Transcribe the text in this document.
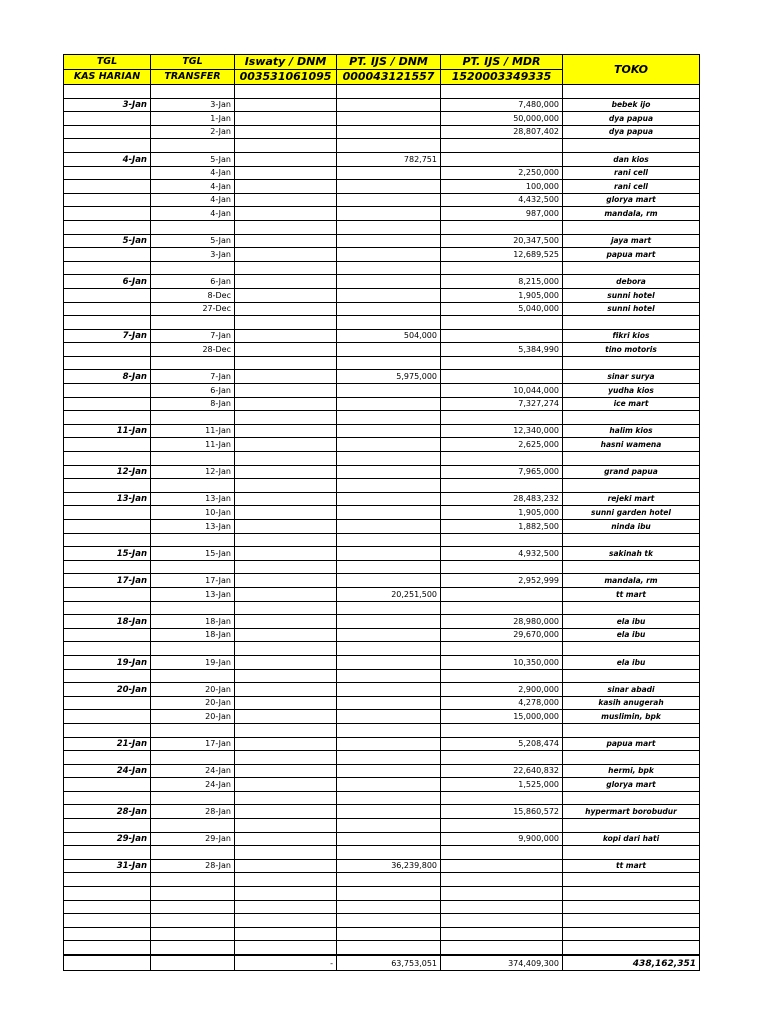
TGL	TGL	Iswaty / DNM	PT. IJS / DNM	PT. IJS / MDR	TOKO
KAS HARIAN	TRANSFER	003531061095	000043121557	1520003349335	

3-Jan	3-Jan			7,480,000	bebek ijo
	1-Jan			50,000,000	dya papua
	2-Jan			28,807,402	dya papua

4-Jan	5-Jan		782,751		dan kios
	4-Jan			2,250,000	rani cell
	4-Jan			100,000	rani cell
	4-Jan			4,432,500	glorya mart
	4-Jan			987,000	mandala, rm

5-Jan	5-Jan			20,347,500	jaya mart
	3-Jan			12,689,525	papua mart

6-Jan	6-Jan			8,215,000	debora
	8-Dec			1,905,000	sunni hotel
	27-Dec			5,040,000	sunni hotel

7-Jan	7-Jan		504,000		fikri kios
	28-Dec			5,384,990	tino motoris

8-Jan	7-Jan		5,975,000		sinar surya
	6-Jan			10,044,000	yudha kios
	8-Jan			7,327,274	ice mart

11-Jan	11-Jan			12,340,000	halim kios
	11-Jan			2,625,000	hasni wamena

12-Jan	12-Jan			7,965,000	grand papua

13-Jan	13-Jan			28,483,232	rejeki mart
	10-Jan			1,905,000	sunni garden hotel
	13-Jan			1,882,500	ninda ibu

15-Jan	15-Jan			4,932,500	sakinah tk

17-Jan	17-Jan			2,952,999	mandala, rm
	13-Jan		20,251,500		tt mart

18-Jan	18-Jan			28,980,000	ela ibu
	18-Jan			29,670,000	ela ibu

19-Jan	19-Jan			10,350,000	ela ibu

20-Jan	20-Jan			2,900,000	sinar abadi
	20-Jan			4,278,000	kasih anugerah
	20-Jan			15,000,000	muslimin, bpk

21-Jan	17-Jan			5,208,474	papua mart

24-Jan	24-Jan			22,640,832	hermi, bpk
	24-Jan			1,525,000	glorya mart

28-Jan	28-Jan			15,860,572	hypermart borobudur

29-Jan	29-Jan			9,900,000	kopi dari hati

31-Jan	28-Jan		36,239,800		tt mart

		-	63,753,051	374,409,300	438,162,351
